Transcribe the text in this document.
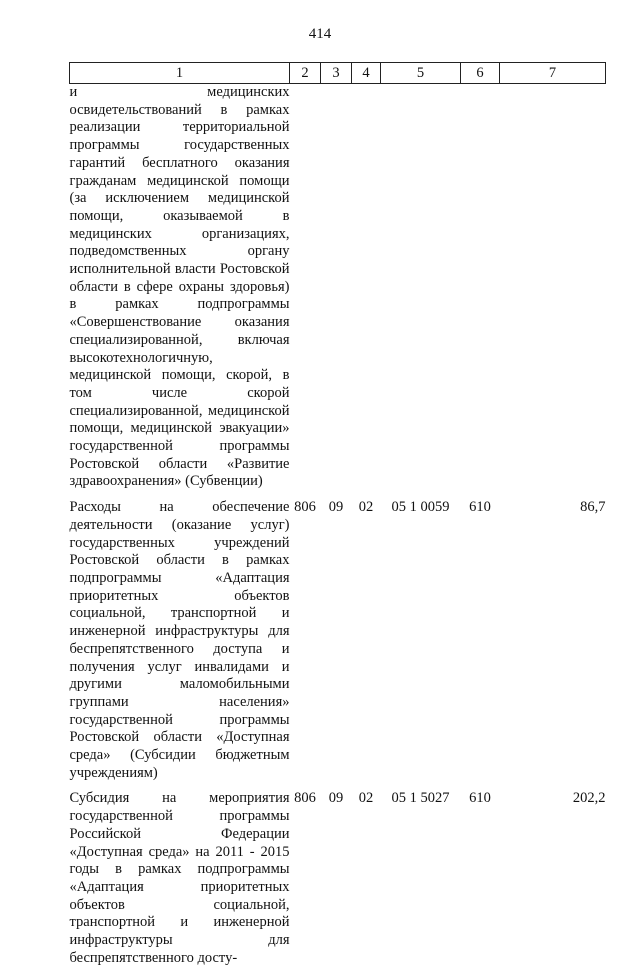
414
1	2	3	4	5	6	7
и медицинских освидетельствований в рамках реализации территориальной программы государственных гарантий бесплатного оказания гражданам медицинской помощи (за исключением медицинской помощи, оказываемой в медицинских организациях, подведомственных органу исполнительной власти Ростовской области в сфере охраны здоровья) в рамках подпрограммы «Совершенствование оказания специализированной, включая высокотехнологичную, медицинской помощи, скорой, в том числе скорой специализированной, медицинской помощи, медицинской эвакуации» государственной программы Ростовской области «Развитие здравоохранения» (Субвенции)						

Расходы на обеспечение деятельности (оказание услуг) государственных учреждений Ростовской области в рамках подпрограммы «Адаптация приоритетных объектов социальной, транспортной и инженерной инфраструктуры для беспрепятственного доступа и получения услуг инвалидами и другими маломобильными группами населения» государственной программы Ростовской области «Доступная среда» (Субсидии бюджетным учреждениям)	806	09	02	05 1 0059	610	86,7

Субсидия на мероприятия государственной программы Российской Федерации «Доступная среда» на 2011 - 2015 годы в рамках подпрограммы «Адаптация приоритетных объектов социальной, транспортной и инженерной инфраструктуры для беспрепятственного досту-	806	09	02	05 1 5027	610	202,2
